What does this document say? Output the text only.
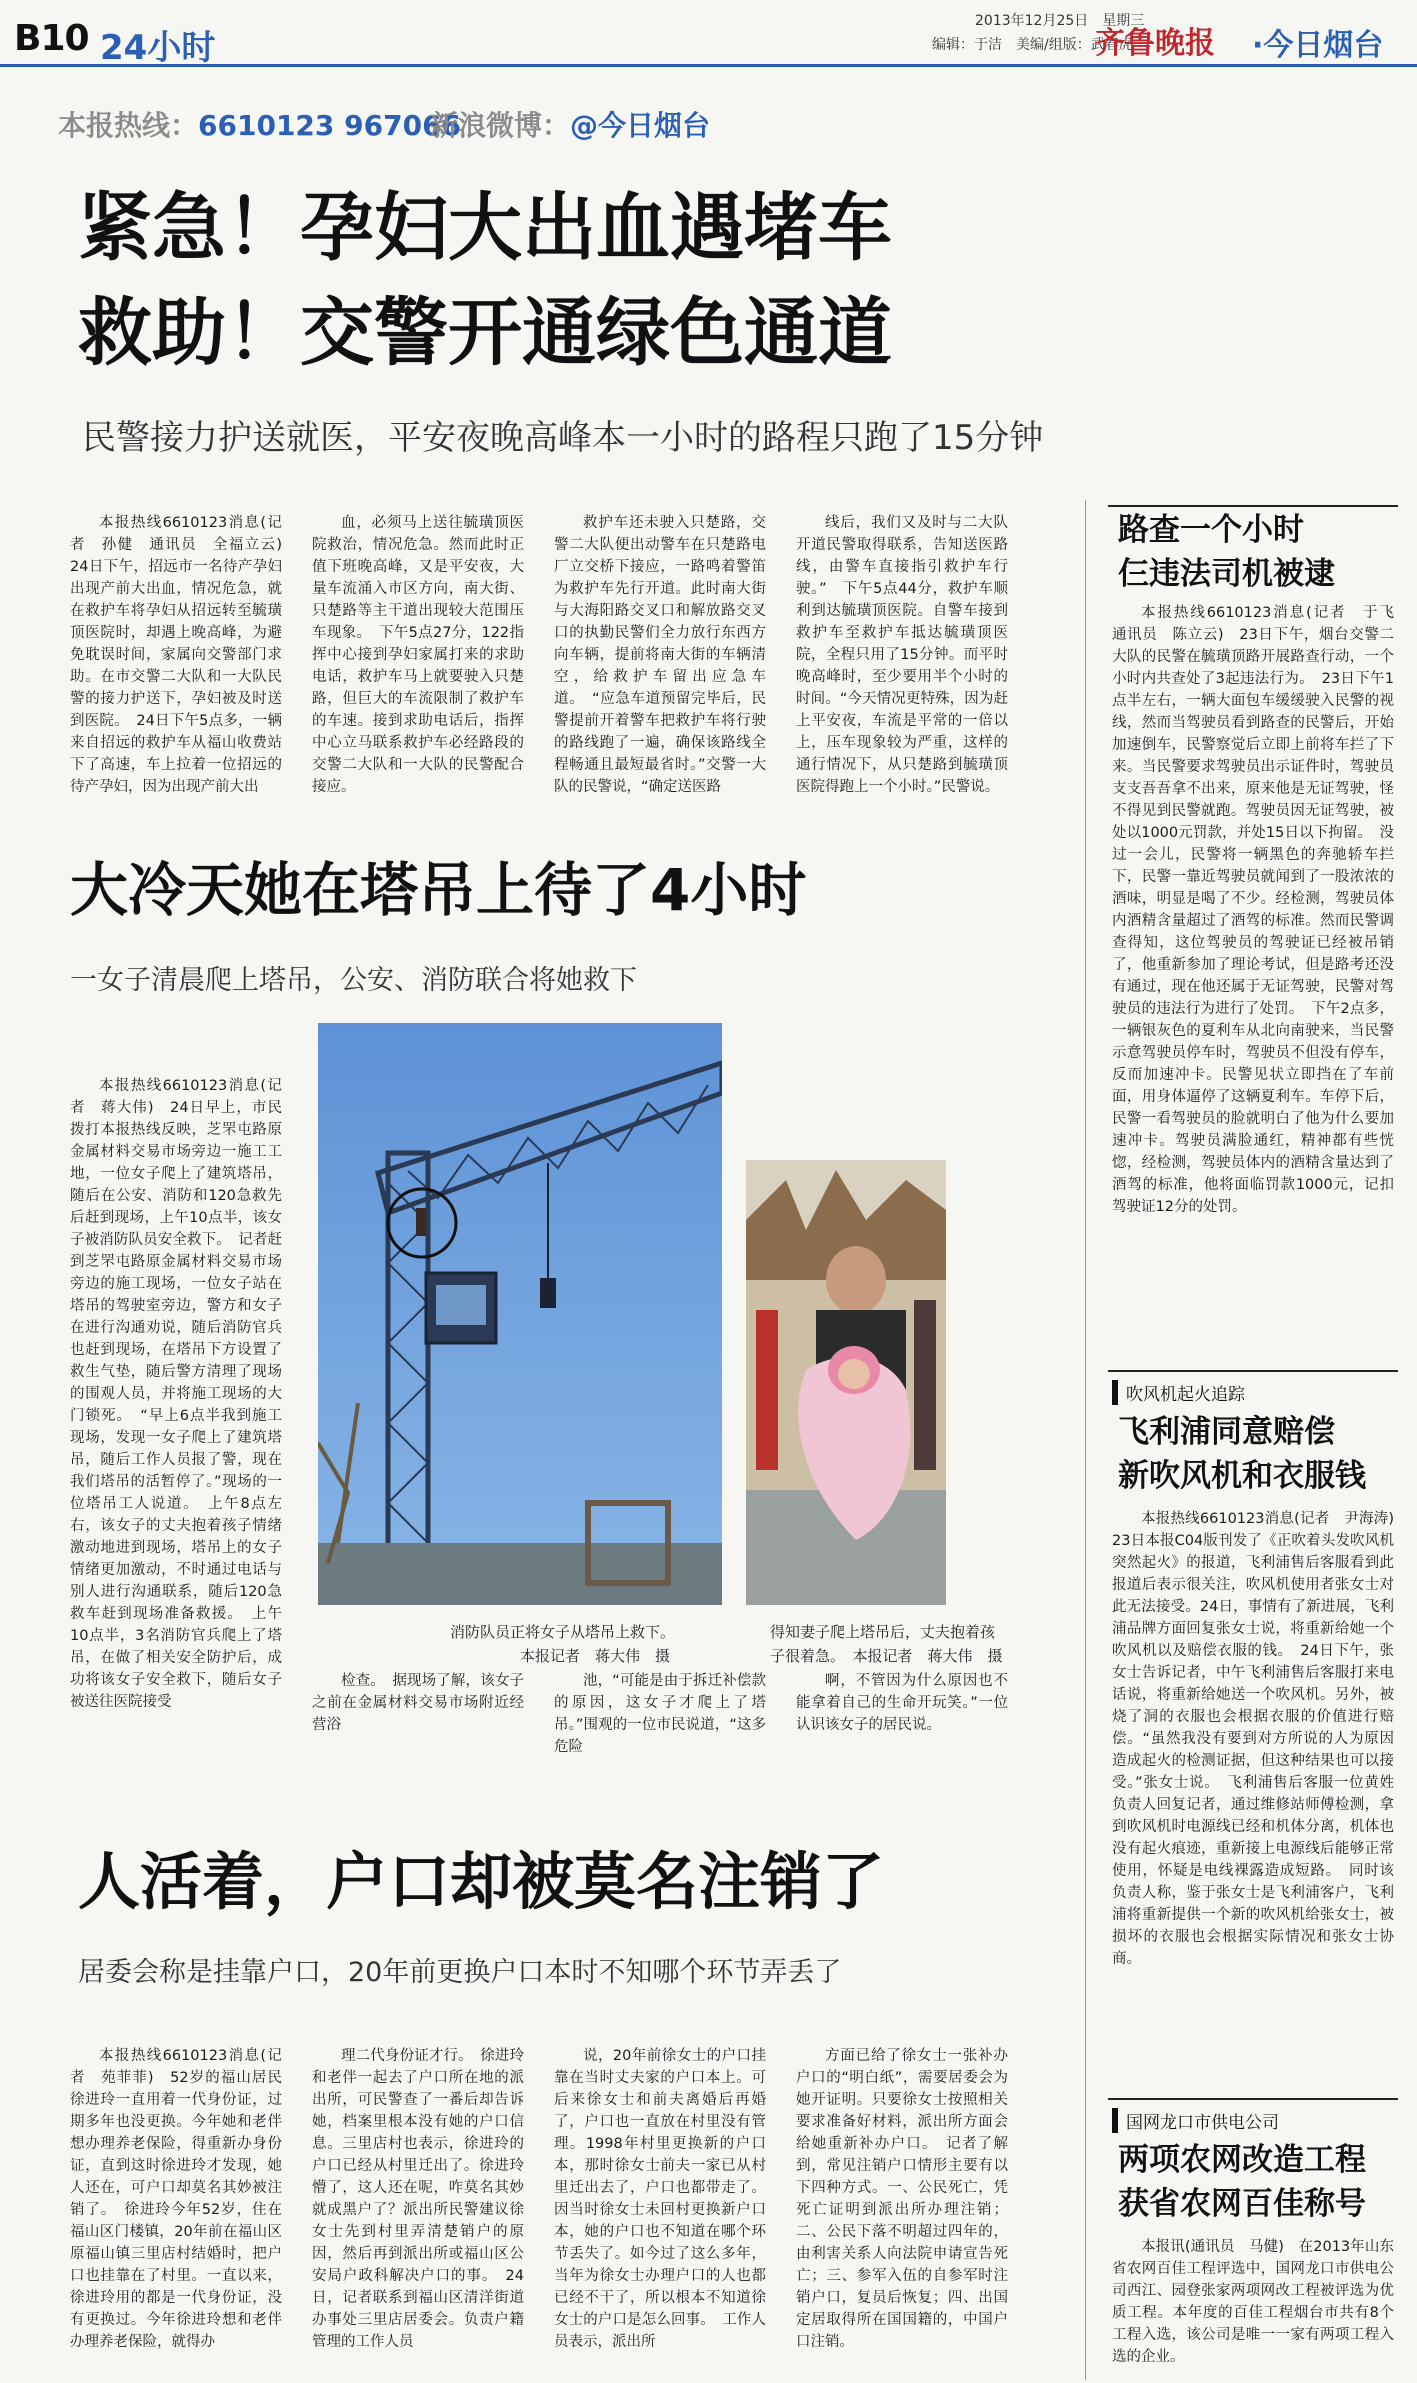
B10 24小时
2013年12月25日　星期三
编辑：于洁　美编/组版：武春虎
齐鲁晚报 ·今日烟台
本报热线：6610123 967066
新浪微博：@今日烟台
紧急！孕妇大出血遇堵车
救助！交警开通绿色通道
民警接力护送就医，平安夜晚高峰本一小时的路程只跑了15分钟

本报热线6610123消息(记者　孙健　通讯员　全福立云)　24日下午，招远市一名待产孕妇出现产前大出血，情况危急，就在救护车将孕妇从招远转至毓璜顶医院时，却遇上晚高峰，为避免耽误时间，家属向交警部门求助。在市交警二大队和一大队民警的接力护送下，孕妇被及时送到医院。　24日下午5点多，一辆来自招远的救护车从福山收费站下了高速，车上拉着一位招远的待产孕妇，因为出现产前大出

血，必须马上送往毓璜顶医院救治，情况危急。然而此时正值下班晚高峰，又是平安夜，大量车流涌入市区方向，南大街、只楚路等主干道出现较大范围压车现象。　下午5点27分，122指挥中心接到孕妇家属打来的求助电话，救护车马上就要驶入只楚路，但巨大的车流限制了救护车的车速。接到求助电话后，指挥中心立马联系救护车必经路段的交警二大队和一大队的民警配合接应。

救护车还未驶入只楚路，交警二大队便出动警车在只楚路电厂立交桥下接应，一路鸣着警笛为救护车先行开道。此时南大街与大海阳路交叉口和解放路交叉口的执勤民警们全力放行东西方向车辆，提前将南大街的车辆清空，给救护车留出应急车道。　“应急车道预留完毕后，民警提前开着警车把救护车将行驶的路线跑了一遍，确保该路线全程畅通且最短最省时。”交警一大队的民警说，“确定送医路

线后，我们又及时与二大队开道民警取得联系，告知送医路线，由警车直接指引救护车行驶。”　下午5点44分，救护车顺利到达毓璜顶医院。自警车接到救护车至救护车抵达毓璜顶医院，全程只用了15分钟。而平时晚高峰时，至少要用半个小时的时间。“今天情况更特殊，因为赶上平安夜，车流是平常的一倍以上，压车现象较为严重，这样的通行情况下，从只楚路到毓璜顶医院得跑上一个小时。”民警说。

大冷天她在塔吊上待了4小时
一女子清晨爬上塔吊，公安、消防联合将她救下

本报热线6610123消息(记者　蒋大伟)　24日早上，市民拨打本报热线反映，芝罘屯路原金属材料交易市场旁边一施工工地，一位女子爬上了建筑塔吊，随后在公安、消防和120急救先后赶到现场，上午10点半，该女子被消防队员安全救下。　记者赶到芝罘屯路原金属材料交易市场旁边的施工现场，一位女子站在塔吊的驾驶室旁边，警方和女子在进行沟通劝说，随后消防官兵也赶到现场，在塔吊下方设置了救生气垫，随后警方清理了现场的围观人员，并将施工现场的大门锁死。　“早上6点半我到施工现场，发现一女子爬上了建筑塔吊，随后工作人员报了警，现在我们塔吊的活暂停了。”现场的一位塔吊工人说道。　上午8点左右，该女子的丈夫抱着孩子情绪激动地进到现场，塔吊上的女子情绪更加激动，不时通过电话与别人进行沟通联系，随后120急救车赶到现场准备救援。　上午10点半，3名消防官兵爬上了塔吊，在做了相关安全防护后，成功将该女子安全救下，随后女子被送往医院接受

消防队员正将女子从塔吊上救下。
本报记者　蒋大伟　摄
得知妻子爬上塔吊后，丈夫抱着孩
子很着急。　本报记者　蒋大伟　摄

检查。　据现场了解，该女子之前在金属材料交易市场附近经营浴

池，“可能是由于拆迁补偿款的原因，这女子才爬上了塔吊。”围观的一位市民说道，“这多危险

啊，不管因为什么原因也不能拿着自己的生命开玩笑。”一位认识该女子的居民说。

人活着，户口却被莫名注销了
居委会称是挂靠户口，20年前更换户口本时不知哪个环节弄丢了

本报热线6610123消息(记者　苑菲菲)　52岁的福山居民徐进玲一直用着一代身份证，过期多年也没更换。今年她和老伴想办理养老保险，得重新办身份证，直到这时徐进玲才发现，她人还在，可户口却莫名其妙被注销了。　徐进玲今年52岁，住在福山区门楼镇，20年前在福山区原福山镇三里店村结婚时，把户口也挂靠在了村里。一直以来，徐进玲用的都是一代身份证，没有更换过。今年徐进玲想和老伴办理养老保险，就得办

理二代身份证才行。　徐进玲和老伴一起去了户口所在地的派出所，可民警查了一番后却告诉她，档案里根本没有她的户口信息。三里店村也表示，徐进玲的户口已经从村里迁出了。徐进玲懵了，这人还在呢，咋莫名其妙就成黑户了？派出所民警建议徐女士先到村里弄清楚销户的原因，然后再到派出所或福山区公安局户政科解决户口的事。　24日，记者联系到福山区清洋街道办事处三里店居委会。负责户籍管理的工作人员

说，20年前徐女士的户口挂靠在当时丈夫家的户口本上。可后来徐女士和前夫离婚后再婚了，户口也一直放在村里没有管理。1998年村里更换新的户口本，那时徐女士前夫一家已从村里迁出去了，户口也都带走了。因当时徐女士未回村更换新户口本，她的户口也不知道在哪个环节丢失了。如今过了这么多年，当年为徐女士办理户口的人也都已经不干了，所以根本不知道徐女士的户口是怎么回事。　工作人员表示，派出所

方面已给了徐女士一张补办户口的“明白纸”，需要居委会为她开证明。只要徐女士按照相关要求准备好材料，派出所方面会给她重新补办户口。　记者了解到，常见注销户口情形主要有以下四种方式。一、公民死亡，凭死亡证明到派出所办理注销；二、公民下落不明超过四年的，由利害关系人向法院申请宣告死亡；三、参军入伍的自参军时注销户口，复员后恢复；四、出国定居取得所在国国籍的，中国户口注销。

路查一个小时
仨违法司机被逮

本报热线6610123消息(记者　于飞　通讯员　陈立云)　23日下午，烟台交警二大队的民警在毓璜顶路开展路查行动，一个小时内共查处了3起违法行为。　23日下午1点半左右，一辆大面包车缓缓驶入民警的视线，然而当驾驶员看到路查的民警后，开始加速倒车，民警察觉后立即上前将车拦了下来。当民警要求驾驶员出示证件时，驾驶员支支吾吾拿不出来，原来他是无证驾驶，怪不得见到民警就跑。驾驶员因无证驾驶，被处以1000元罚款，并处15日以下拘留。　没过一会儿，民警将一辆黑色的奔驰轿车拦下，民警一靠近驾驶员就闻到了一股浓浓的酒味，明显是喝了不少。经检测，驾驶员体内酒精含量超过了酒驾的标准。然而民警调查得知，这位驾驶员的驾驶证已经被吊销了，他重新参加了理论考试，但是路考还没有通过，现在他还属于无证驾驶，民警对驾驶员的违法行为进行了处罚。　下午2点多，一辆银灰色的夏利车从北向南驶来，当民警示意驾驶员停车时，驾驶员不但没有停车，反而加速冲卡。民警见状立即挡在了车前面，用身体逼停了这辆夏利车。车停下后，民警一看驾驶员的脸就明白了他为什么要加速冲卡。驾驶员满脸通红，精神都有些恍惚，经检测，驾驶员体内的酒精含量达到了酒驾的标准，他将面临罚款1000元，记扣驾驶证12分的处罚。

吹风机起火追踪
飞利浦同意赔偿
新吹风机和衣服钱

本报热线6610123消息(记者　尹海涛)　23日本报C04版刊发了《正吹着头发吹风机突然起火》的报道，飞利浦售后客服看到此报道后表示很关注，吹风机使用者张女士对此无法接受。24日，事情有了新进展，飞利浦品牌方面回复张女士说，将重新给她一个吹风机以及赔偿衣服的钱。　24日下午，张女士告诉记者，中午飞利浦售后客服打来电话说，将重新给她送一个吹风机。另外，被烧了洞的衣服也会根据衣服的价值进行赔偿。“虽然我没有要到对方所说的人为原因造成起火的检测证据，但这种结果也可以接受。”张女士说。　飞利浦售后客服一位黄姓负责人回复记者，通过维修站师傅检测，拿到吹风机时电源线已经和机体分离，机体也没有起火痕迹，重新接上电源线后能够正常使用，怀疑是电线裸露造成短路。　同时该负责人称，鉴于张女士是飞利浦客户，飞利浦将重新提供一个新的吹风机给张女士，被损坏的衣服也会根据实际情况和张女士协商。

国网龙口市供电公司
两项农网改造工程
获省农网百佳称号

本报讯(通讯员　马健)　在2013年山东省农网百佳工程评选中，国网龙口市供电公司西江、园登张家两项网改工程被评选为优质工程。本年度的百佳工程烟台市共有8个工程入选，该公司是唯一一家有两项工程入选的企业。
